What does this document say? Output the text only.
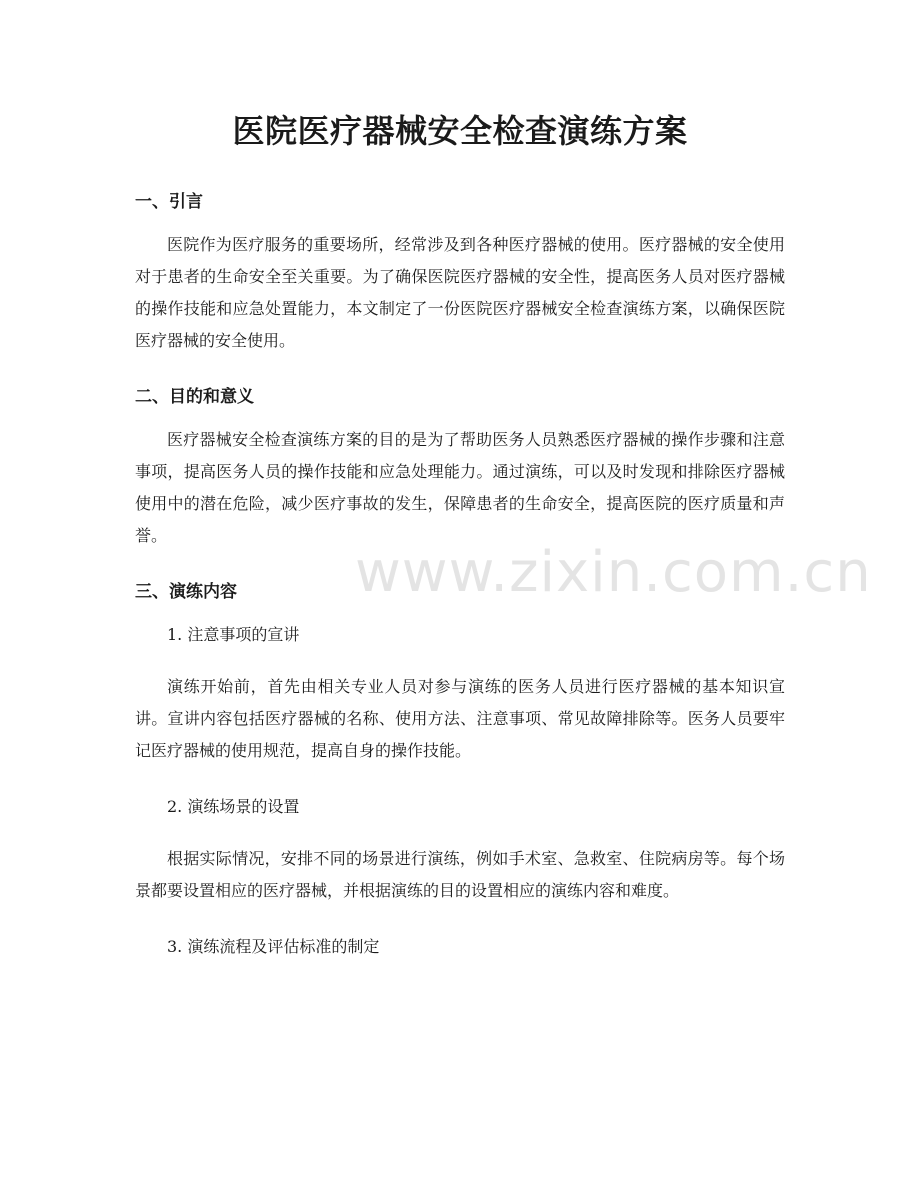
医院医疗器械安全检查演练方案
一、引言

医院作为医疗服务的重要场所，经常涉及到各种医疗器械的使用。医疗器械的安全使用对于患者的生命安全至关重要。为了确保医院医疗器械的安全性，提高医务人员对医疗器械的操作技能和应急处置能力，本文制定了一份医院医疗器械安全检查演练方案，以确保医院医疗器械的安全使用。

二、目的和意义

医疗器械安全检查演练方案的目的是为了帮助医务人员熟悉医疗器械的操作步骤和注意事项，提高医务人员的操作技能和应急处理能力。通过演练，可以及时发现和排除医疗器械使用中的潜在危险，减少医疗事故的发生，保障患者的生命安全，提高医院的医疗质量和声誉。

三、演练内容

1. 注意事项的宣讲

演练开始前，首先由相关专业人员对参与演练的医务人员进行医疗器械的基本知识宣讲。宣讲内容包括医疗器械的名称、使用方法、注意事项、常见故障排除等。医务人员要牢记医疗器械的使用规范，提高自身的操作技能。

2. 演练场景的设置

根据实际情况，安排不同的场景进行演练，例如手术室、急救室、住院病房等。每个场景都要设置相应的医疗器械，并根据演练的目的设置相应的演练内容和难度。

3. 演练流程及评估标准的制定

www.zixin.com.cn
